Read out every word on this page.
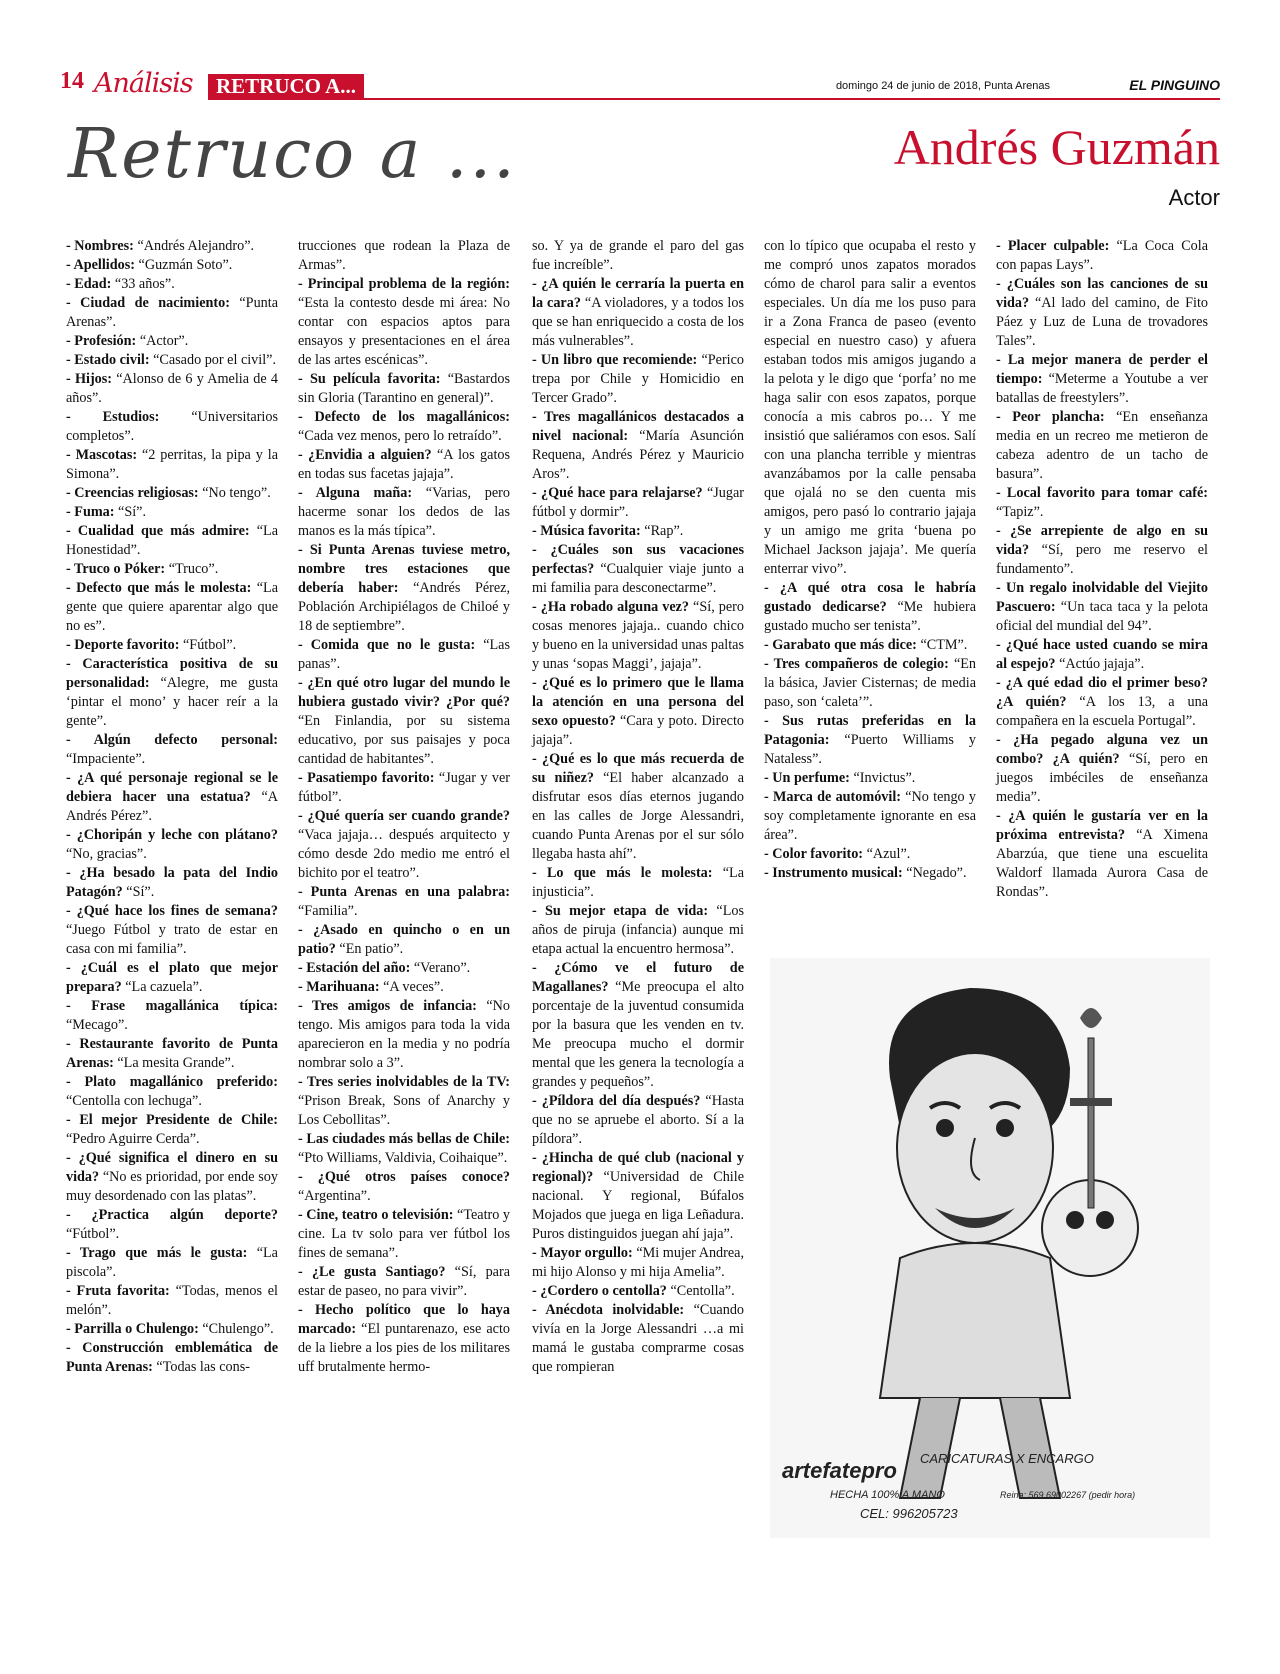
14 Análisis	RETRUCO A...	domingo 24 de junio de 2018, Punta Arenas	EL PINGUINO
Retruco a ...	Andrés Guzmán
Actor

- Nombres: “Andrés Alejandro”.

- Apellidos: “Guzmán Soto”.

- Edad: “33 años”.

- Ciudad de nacimiento: “Punta Arenas”.

- Profesión: “Actor”.

- Estado civil: “Casado por el civil”.

- Hijos: “Alonso de 6 y Amelia de 4 años”.

- Estudios: “Universitarios completos”.

- Mascotas: “2 perritas, la pipa y la Simona”.

- Creencias religiosas: “No tengo”.

- Fuma: “Sí”.

- Cualidad que más admire: “La Honestidad”.

- Truco o Póker: “Truco”.

- Defecto que más le molesta: “La gente que quiere aparentar algo que no es”.

- Deporte favorito: “Fútbol”.

- Característica positiva de su personalidad: “Alegre, me gusta ‘pintar el mono’ y hacer reír a la gente”.

- Algún defecto personal: “Impaciente”.

- ¿A qué personaje regional se le debiera hacer una estatua? “A Andrés Pérez”.

- ¿Choripán y leche con plátano? “No, gracias”.

- ¿Ha besado la pata del Indio Patagón? “Sí”.

- ¿Qué hace los fines de semana? “Juego Fútbol y trato de estar en casa con mi familia”.

- ¿Cuál es el plato que mejor prepara? “La cazuela”.

- Frase magallánica típica: “Mecago”.

- Restaurante favorito de Punta Arenas: “La mesita Grande”.

- Plato magallánico preferido: “Centolla con lechuga”.

- El mejor Presidente de Chile: “Pedro Aguirre Cerda”.

- ¿Qué significa el dinero en su vida? “No es prioridad, por ende soy muy desordenado con las platas”.

- ¿Practica algún deporte? “Fútbol”.

- Trago que más le gusta: “La piscola”.

- Fruta favorita: “Todas, menos el melón”.

- Parrilla o Chulengo: “Chulengo”.

- Construcción emblemática de Punta Arenas: “Todas las cons-

trucciones que rodean la Plaza de Armas”.

- Principal problema de la región: “Esta la contesto desde mi área: No contar con espacios aptos para ensayos y presentaciones en el área de las artes escénicas”.

- Su película favorita: “Bastardos sin Gloria (Tarantino en general)”.

- Defecto de los magallánicos: “Cada vez menos, pero lo retraído”.

- ¿Envidia a alguien? “A los gatos en todas sus facetas jajaja”.

- Alguna maña: “Varias, pero hacerme sonar los dedos de las manos es la más típica”.

- Si Punta Arenas tuviese metro, nombre tres estaciones que debería haber: “Andrés Pérez, Población Archipiélagos de Chiloé y 18 de septiembre”.

- Comida que no le gusta: “Las panas”.

- ¿En qué otro lugar del mundo le hubiera gustado vivir? ¿Por qué? “En Finlandia, por su sistema educativo, por sus paisajes y poca cantidad de habitantes”.

- Pasatiempo favorito: “Jugar y ver fútbol”.

- ¿Qué quería ser cuando grande? “Vaca jajaja… después arquitecto y cómo desde 2do medio me entró el bichito por el teatro”.

- Punta Arenas en una palabra: “Familia”.

- ¿Asado en quincho o en un patio? “En patio”.

- Estación del año: “Verano”.

- Marihuana: “A veces”.

- Tres amigos de infancia: “No tengo. Mis amigos para toda la vida aparecieron en la media y no podría nombrar solo a 3”.

- Tres series inolvidables de la TV: “Prison Break, Sons of Anarchy y Los Cebollitas”.

- Las ciudades más bellas de Chile: “Pto Williams, Valdivia, Coihaique”.

- ¿Qué otros países conoce? “Argentina”.

- Cine, teatro o televisión: “Teatro y cine. La tv solo para ver fútbol los fines de semana”.

- ¿Le gusta Santiago? “Sí, para estar de paseo, no para vivir”.

- Hecho político que lo haya marcado: “El puntarenazo, ese acto de la liebre a los pies de los militares uff brutalmente hermo-

so. Y ya de grande el paro del gas fue increíble”.

- ¿A quién le cerraría la puerta en la cara? “A violadores, y a todos los que se han enriquecido a costa de los más vulnerables”.

- Un libro que recomiende: “Perico trepa por Chile y Homicidio en Tercer Grado”.

- Tres magallánicos destacados a nivel nacional: “María Asunción Requena, Andrés Pérez y Mauricio Aros”.

- ¿Qué hace para relajarse? “Jugar fútbol y dormir”.

- Música favorita: “Rap”.

- ¿Cuáles son sus vacaciones perfectas? “Cualquier viaje junto a mi familia para desconectarme”.

- ¿Ha robado alguna vez? “Sí, pero cosas menores jajaja.. cuando chico y bueno en la universidad unas paltas y unas ‘sopas Maggi’, jajaja”.

- ¿Qué es lo primero que le llama la atención en una persona del sexo opuesto? “Cara y poto. Directo jajaja”.

- ¿Qué es lo que más recuerda de su niñez? “El haber alcanzado a disfrutar esos días eternos jugando en las calles de Jorge Alessandri, cuando Punta Arenas por el sur sólo llegaba hasta ahí”.

- Lo que más le molesta: “La injusticia”.

- Su mejor etapa de vida: “Los años de piruja (infancia) aunque mi etapa actual la encuentro hermosa”.

- ¿Cómo ve el futuro de Magallanes? “Me preocupa el alto porcentaje de la juventud consumida por la basura que les venden en tv. Me preocupa mucho el dormir mental que les genera la tecnología a grandes y pequeños”.

- ¿Píldora del día después? “Hasta que no se apruebe el aborto. Sí a la píldora”.

- ¿Hincha de qué club (nacional y regional)? “Universidad de Chile nacional. Y regional, Búfalos Mojados que juega en liga Leñadura. Puros distinguidos juegan ahí jaja”.

- Mayor orgullo: “Mi mujer Andrea, mi hijo Alonso y mi hija Amelia”.

- ¿Cordero o centolla? “Centolla”.

- Anécdota inolvidable: “Cuando vivía en la Jorge Alessandri …a mi mamá le gustaba comprarme cosas que rompieran

con lo típico que ocupaba el resto y me compró unos zapatos morados cómo de charol para salir a eventos especiales. Un día me los puso para ir a Zona Franca de paseo (evento especial en nuestro caso) y afuera estaban todos mis amigos jugando a la pelota y le digo que ‘porfa’ no me haga salir con esos zapatos, porque conocía a mis cabros po… Y me insistió que saliéramos con esos. Salí con una plancha terrible y mientras avanzábamos por la calle pensaba que ojalá no se den cuenta mis amigos, pero pasó lo contrario jajaja y un amigo me grita ‘buena po Michael Jackson jajaja’. Me quería enterrar vivo”.

- ¿A qué otra cosa le habría gustado dedicarse? “Me hubiera gustado mucho ser tenista”.

- Garabato que más dice: “CTM”.

- Tres compañeros de colegio: “En la básica, Javier Cisternas; de media paso, son ‘caleta’”.

- Sus rutas preferidas en la Patagonia: “Puerto Williams y Nataless”.

- Un perfume: “Invictus”.

- Marca de automóvil: “No tengo y soy completamente ignorante en esa área”.

- Color favorito: “Azul”.

- Instrumento musical: “Negado”.

- Placer culpable: “La Coca Cola con papas Lays”.

- ¿Cuáles son las canciones de su vida? “Al lado del camino, de Fito Páez y Luz de Luna de trovadores Tales”.

- La mejor manera de perder el tiempo: “Meterme a Youtube a ver batallas de freestylers”.

- Peor plancha: “En enseñanza media en un recreo me metieron de cabeza adentro de un tacho de basura”.

- Local favorito para tomar café: “Tapiz”.

- ¿Se arrepiente de algo en su vida? “Sí, pero me reservo el fundamento”.

- Un regalo inolvidable del Viejito Pascuero: “Un taca taca y la pelota oficial del mundial del 94”.

- ¿Qué hace usted cuando se mira al espejo? “Actúo jajaja”.

- ¿A qué edad dio el primer beso? ¿A quién? “A los 13, a una compañera en la escuela Portugal”.

- ¿Ha pegado alguna vez un combo? ¿A quién? “Sí, pero en juegos imbéciles de enseñanza media”.

- ¿A quién le gustaría ver en la próxima entrevista? “A Ximena Abarzúa, que tiene una escuelita Waldorf llamada Aurora Casa de Rondas”.

artefatepro CARICATURAS X ENCARGO
HECHA 100% A MANO
CEL: 996205723
Reina: 569 69002267 (pedir hora)
